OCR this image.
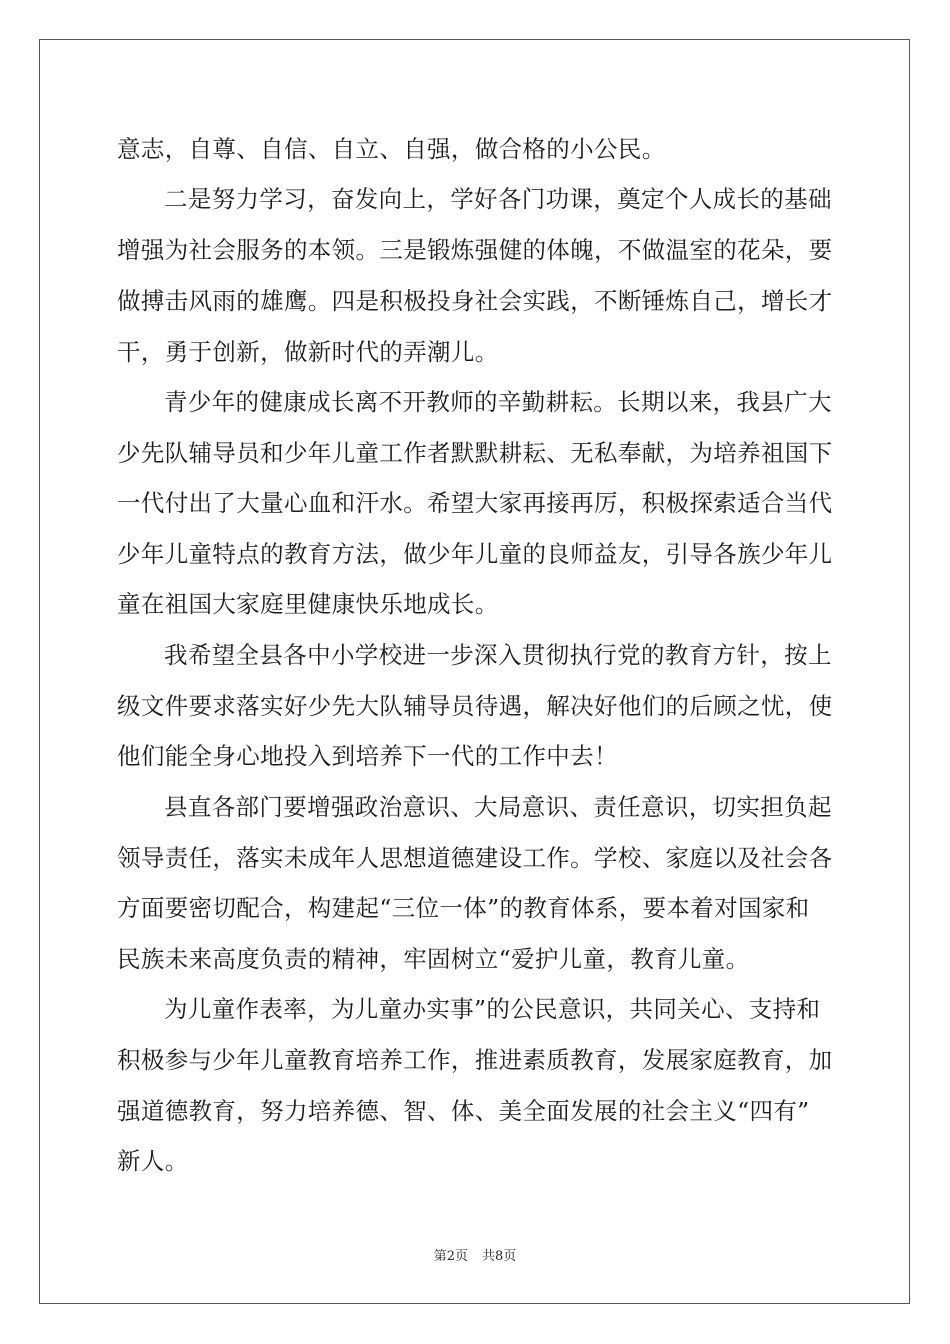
意志，自尊、自信、自立、自强，做合格的小公民。
二是努力学习，奋发向上，学好各门功课，奠定个人成长的基础
增强为社会服务的本领。三是锻炼强健的体魄，不做温室的花朵，要
做搏击风雨的雄鹰。四是积极投身社会实践，不断锤炼自己，增长才
干，勇于创新，做新时代的弄潮儿。
青少年的健康成长离不开教师的辛勤耕耘。长期以来，我县广大
少先队辅导员和少年儿童工作者默默耕耘、无私奉献，为培养祖国下
一代付出了大量心血和汗水。希望大家再接再厉，积极探索适合当代
少年儿童特点的教育方法，做少年儿童的良师益友，引导各族少年儿
童在祖国大家庭里健康快乐地成长。
我希望全县各中小学校进一步深入贯彻执行党的教育方针，按上
级文件要求落实好少先大队辅导员待遇，解决好他们的后顾之忧，使
他们能全身心地投入到培养下一代的工作中去！
县直各部门要增强政治意识、大局意识、责任意识，切实担负起
领导责任，落实未成年人思想道德建设工作。学校、家庭以及社会各
方面要密切配合，构建起“三位一体”的教育体系，要本着对国家和
民族未来高度负责的精神，牢固树立“爱护儿童，教育儿童。
为儿童作表率，为儿童办实事”的公民意识，共同关心、支持和
积极参与少年儿童教育培养工作，推进素质教育，发展家庭教育，加
强道德教育，努力培养德、智、体、美全面发展的社会主义“四有”
新人。
第2页 共8页
